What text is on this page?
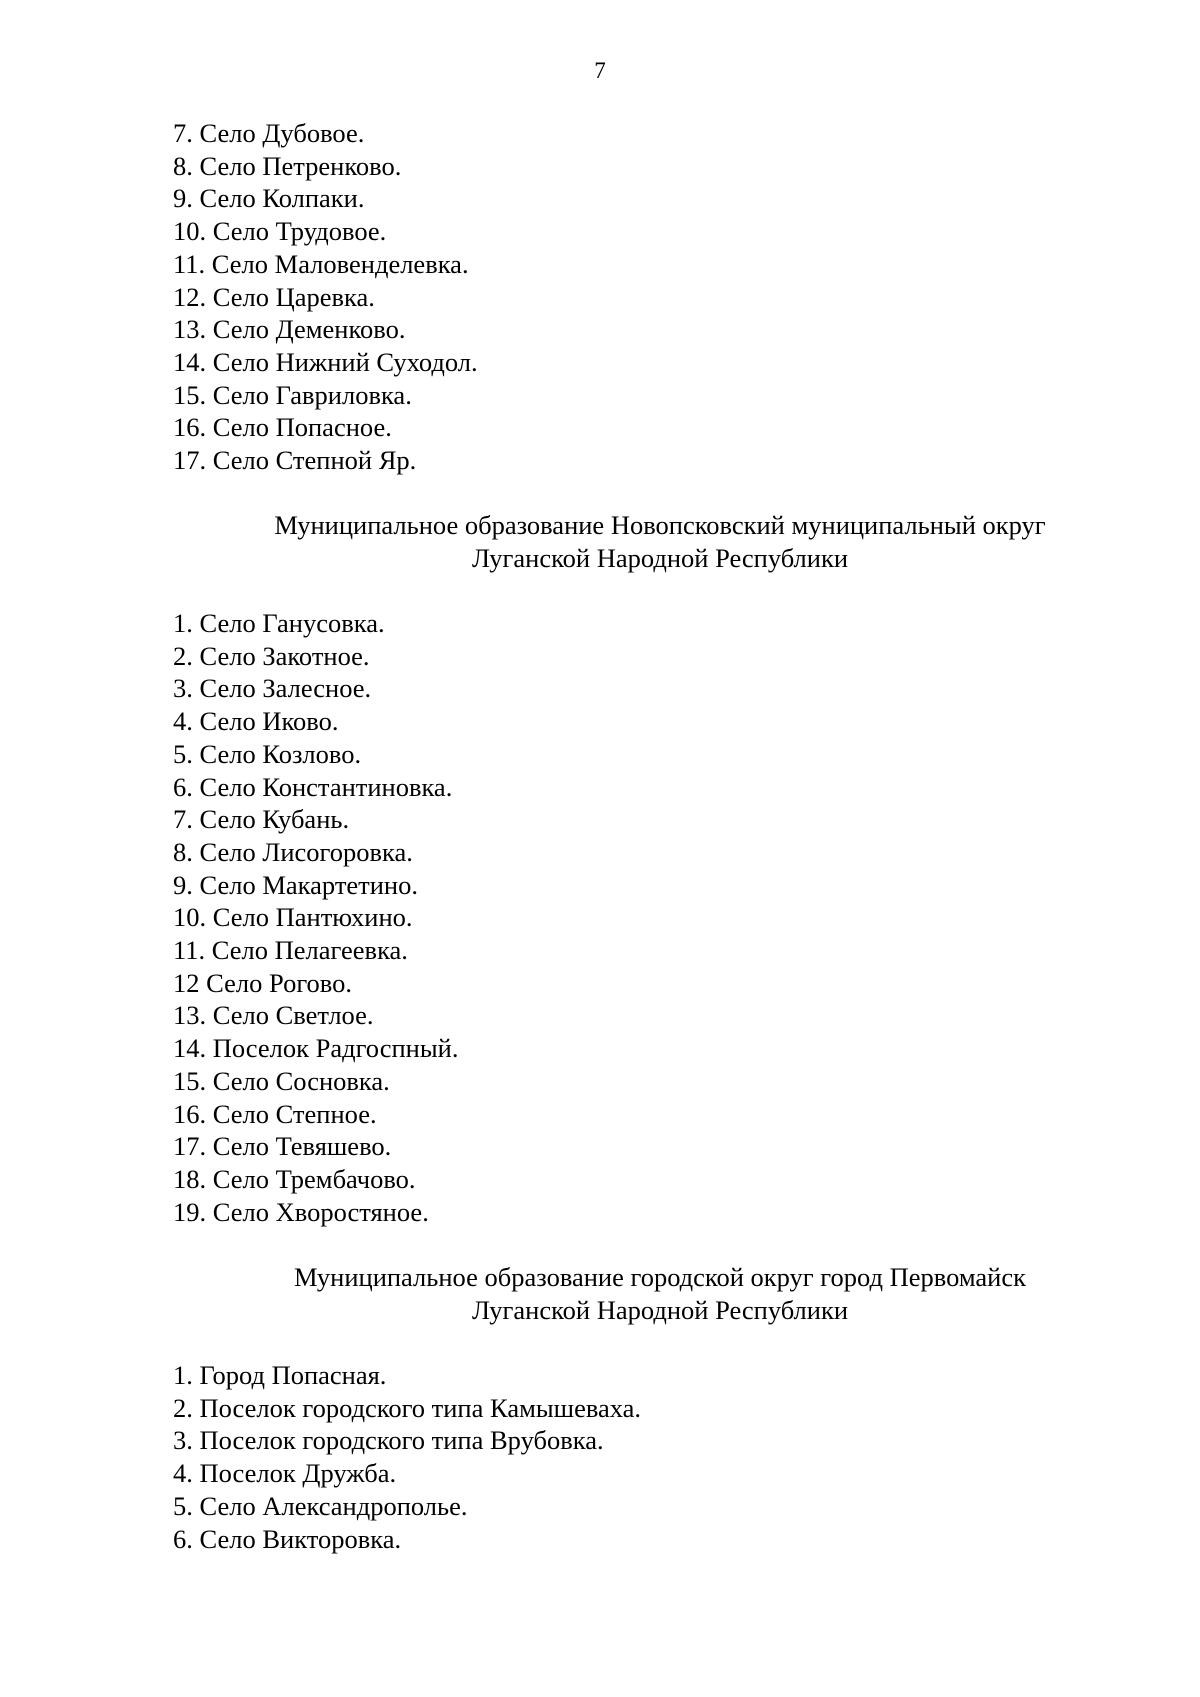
7
7. Село Дубовое.
8. Село Петренково.
9. Село Колпаки.
10. Село Трудовое.
11. Село Маловенделевка.
12. Село Царевка.
13. Село Деменково.
14. Село Нижний Суходол.
15. Село Гавриловка.
16. Село Попасное.
17. Село Степной Яр.
Муниципальное образование Новопсковский муниципальный округ
Луганской Народной Республики
1. Село Ганусовка.
2. Село Закотное.
3. Село Залесное.
4. Село Иково.
5. Село Козлово.
6. Село Константиновка.
7. Село Кубань.
8. Село Лисогоровка.
9. Село Макартетино.
10. Село Пантюхино.
11. Село Пелагеевка.
12 Село Рогово.
13. Село Светлое.
14. Поселок Радгоспный.
15. Село Сосновка.
16. Село Степное.
17. Село Тевяшево.
18. Село Трембачово.
19. Село Хворостяное.
Муниципальное образование городской округ город Первомайск
Луганской Народной Республики
1. Город Попасная.
2. Поселок городского типа Камышеваха.
3. Поселок городского типа Врубовка.
4. Поселок Дружба.
5. Село Александрополье.
6. Село Викторовка.
